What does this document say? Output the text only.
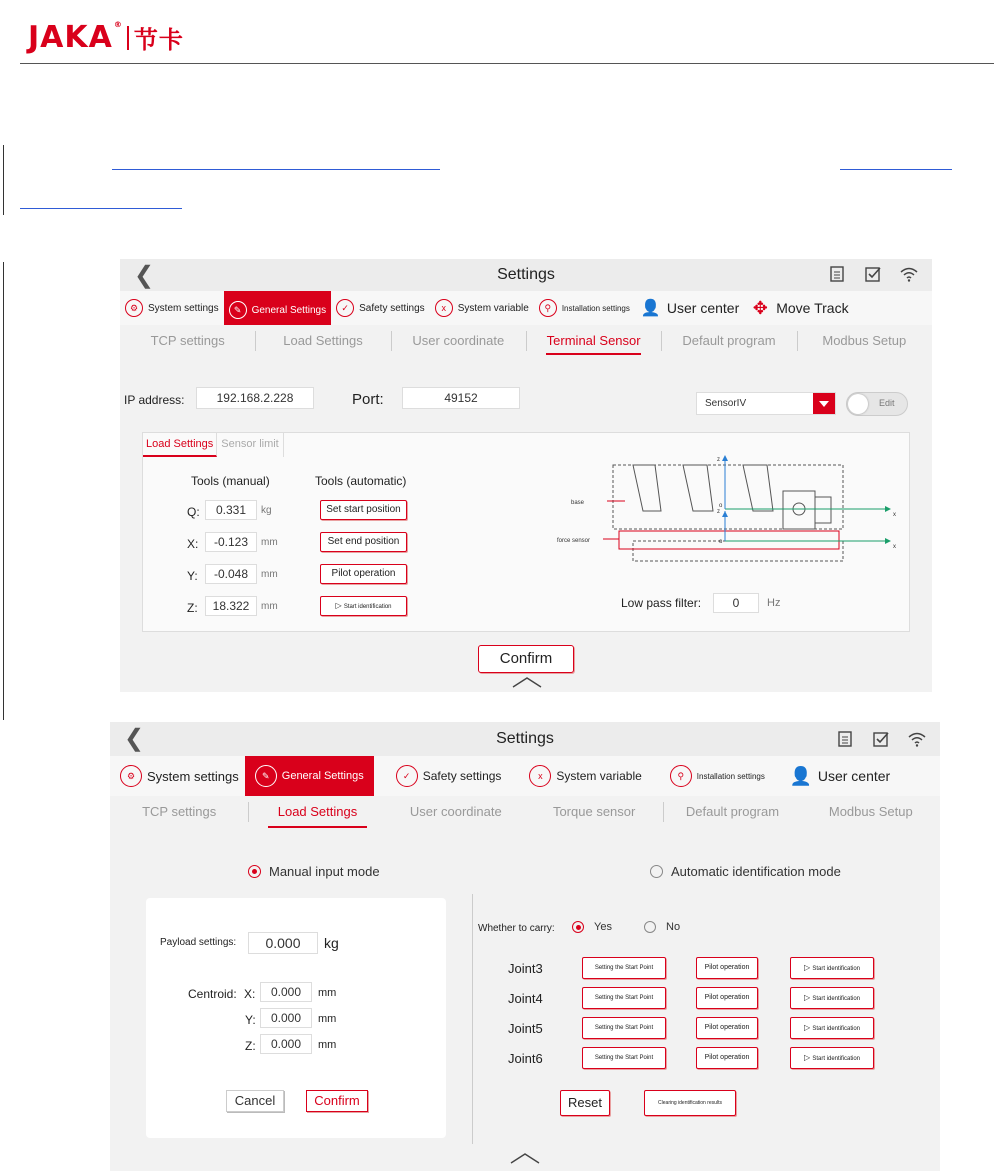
JAKA ®
节卡
❮	Settings
⚙ System settings	✎	General Settings	✓	Safety settings	x	System variable	⚲	Installation settings 👤 User center ✥ Move Track
TCP settings	Load Settings	User coordinate	Terminal Sensor	Default program	Modbus Setup
IP address:	192.168.2.228	Port:	49152	SensorIV	Edit
Load Settings Sensor limit
Tools (manual)	Tools (automatic)
Q:	0.331	kg	Set start position
X:	-0.123	mm	Set end position
Y:	-0.048	mm	Pilot operation
Z:	18.322	mm	▷ Start identification
base
force sensor
z
z
o
o
x
x
Low pass filter:	0	Hz
Confirm
❮	Settings
⚙ System settings	✎	General Settings	✓	Safety settings	x	System variable	⚲	Installation settings 👤 User center
TCP settings	Load Settings	User coordinate	Torque sensor	Default program	Modbus Setup
Manual input mode	Automatic identification mode
Payload settings:	0.000	kg
Centroid: X:	0.000	mm
Y:	0.000	mm
Z:	0.000	mm
Cancel	Confirm
Whether to carry:	Yes	No
Joint3	Setting the Start Point	Pilot operation	▷ Start identification
Joint4	Setting the Start Point	Pilot operation	▷ Start identification
Joint5	Setting the Start Point	Pilot operation	▷ Start identification
Joint6	Setting the Start Point	Pilot operation	▷ Start identification
Reset	Clearing identification results
